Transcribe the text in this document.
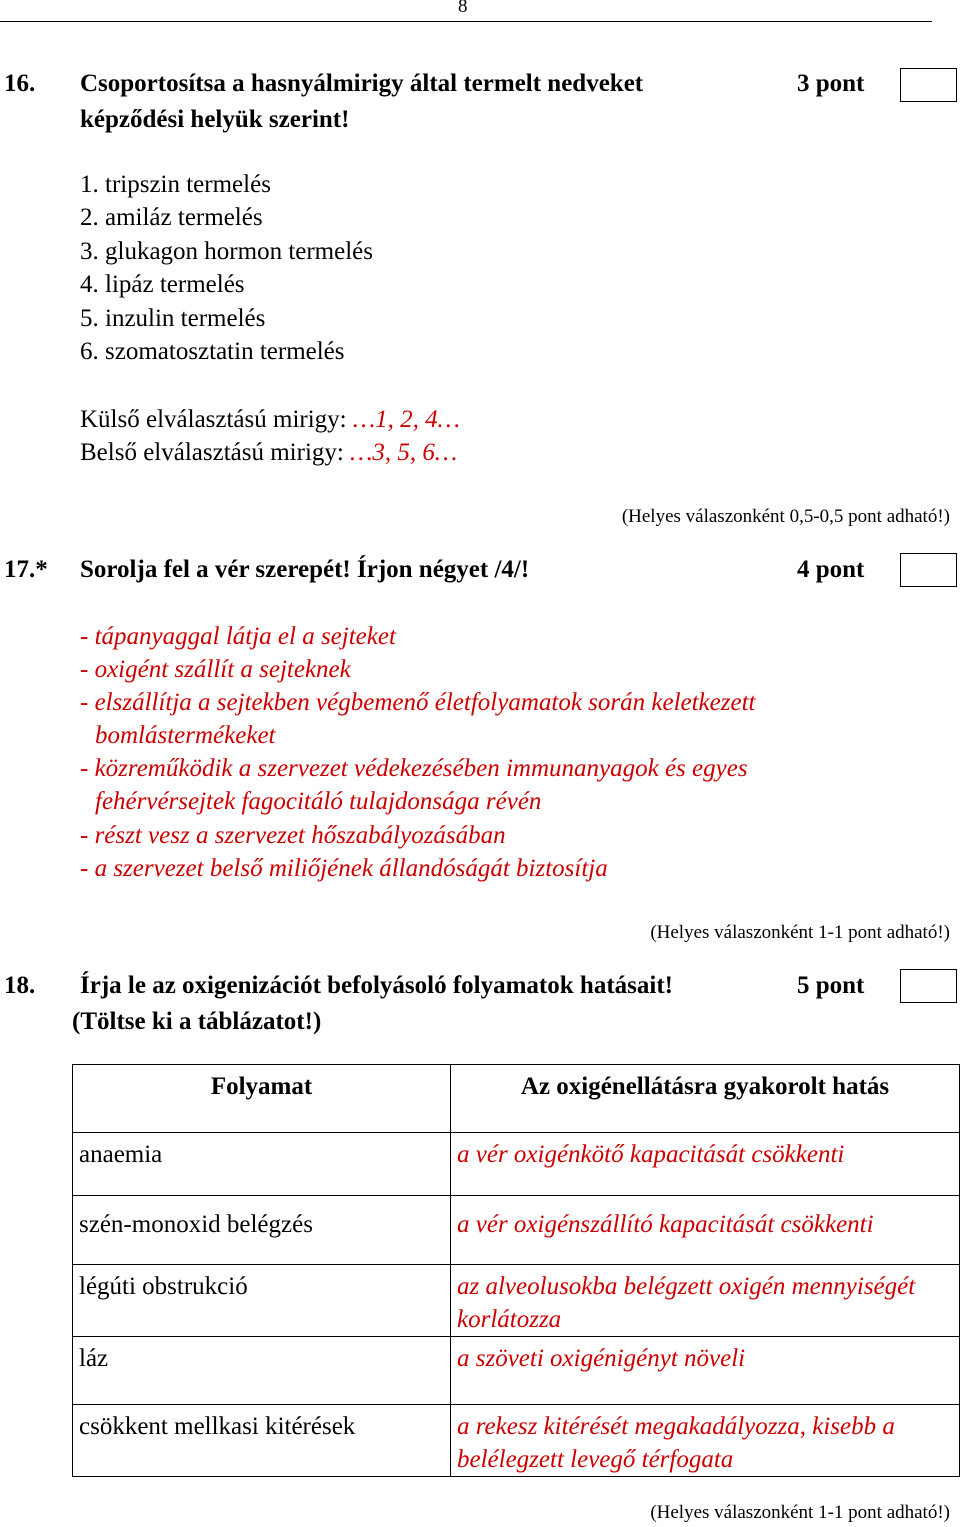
8
16. Csoportosítsa a hasnyálmirigy által termelt nedveket
képződési helyük szerint!
3 pont
1. tripszin termelés
2. amiláz termelés
3. glukagon hormon termelés
4. lipáz termelés
5. inzulin termelés
6. szomatosztatin termelés
Külső elválasztású mirigy: …1, 2, 4…
Belső elválasztású mirigy: …3, 5, 6…
(Helyes válaszonként 0,5-0,5 pont adható!)
17.* Sorolja fel a vér szerepét! Írjon négyet /4/!	4 pont
- tápanyaggal látja el a sejteket
- oxigént szállít a sejteknek
- elszállítja a sejtekben végbemenő életfolyamatok során keletkezett
bomlástermékeket
- közreműködik a szervezet védekezésében immunanyagok és egyes
fehérvérsejtek fagocitáló tulajdonsága révén
- részt vesz a szervezet hőszabályozásában
- a szervezet belső miliőjének állandóságát biztosítja
(Helyes válaszonként 1-1 pont adható!)
18. Írja le az oxigenizációt befolyásoló folyamatok hatásait!
(Töltse ki a táblázatot!)
5 pont
Folyamat	Az oxigénellátásra gyakorolt hatás
anaemia	a vér oxigénkötő kapacitását csökkenti
szén-monoxid belégzés	a vér oxigénszállító kapacitását csökkenti
légúti obstrukció	az alveolusokba belégzett oxigén mennyiségét korlátozza
láz	a szöveti oxigénigényt növeli
csökkent mellkasi kitérések	a rekesz kitérését megakadályozza, kisebb a belélegzett levegő térfogata
(Helyes válaszonként 1-1 pont adható!)
